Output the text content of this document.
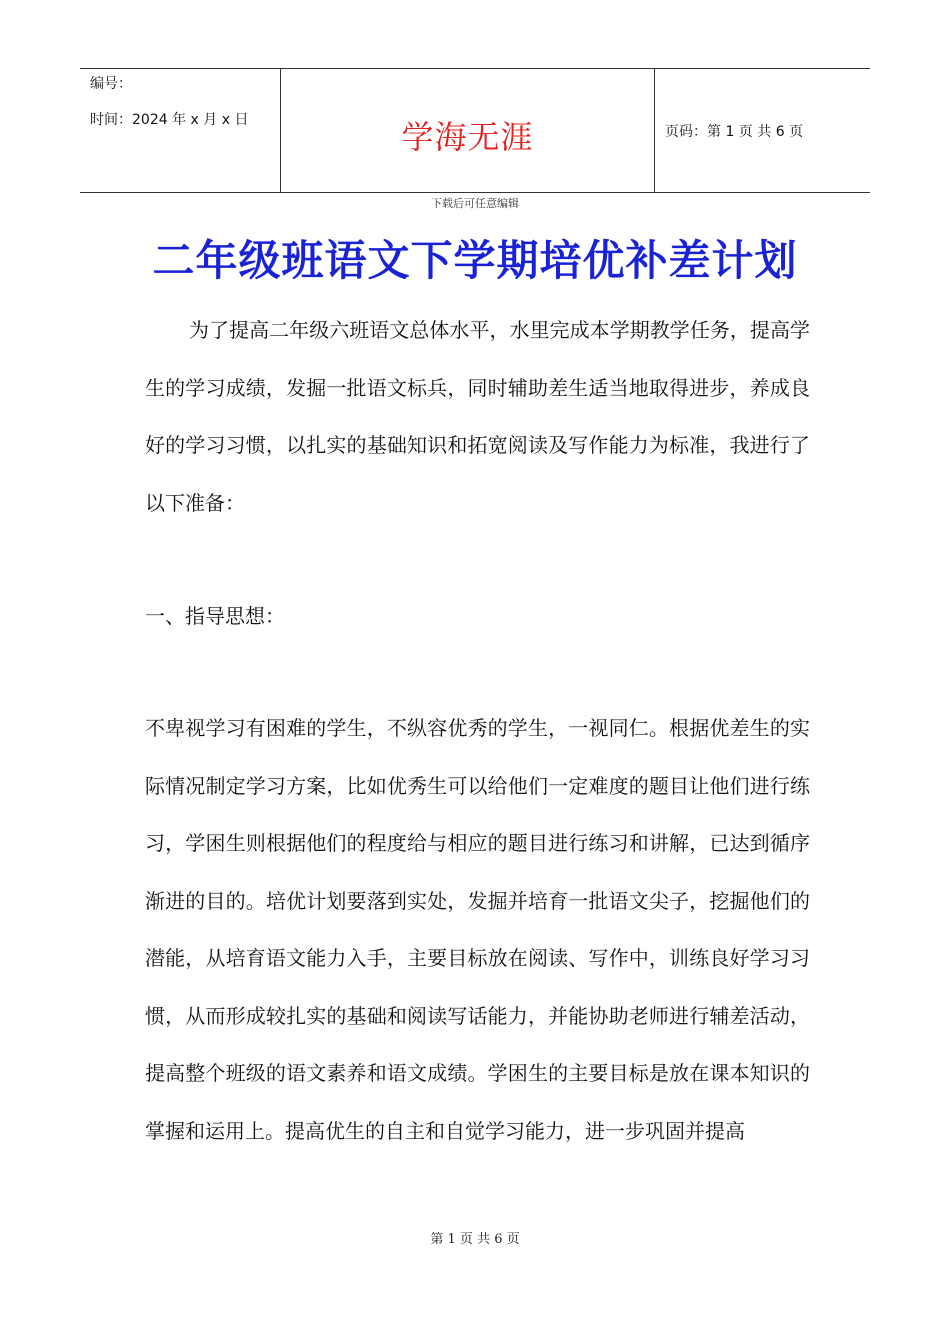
编号：
时间：2024 年 x 月 x 日	学海无涯	页码：第 1 页 共 6 页
下载后可任意编辑
二年级班语文下学期培优补差计划

为了提高二年级六班语文总体水平，水里完成本学期教学任务，提高学生的学习成绩，发掘一批语文标兵，同时辅助差生适当地取得进步，养成良好的学习习惯，以扎实的基础知识和拓宽阅读及写作能力为标准，我进行了以下准备：

一、指导思想：

不卑视学习有困难的学生，不纵容优秀的学生，一视同仁。根据优差生的实际情况制定学习方案，比如优秀生可以给他们一定难度的题目让他们进行练习，学困生则根据他们的程度给与相应的题目进行练习和讲解，已达到循序渐进的目的。培优计划要落到实处，发掘并培育一批语文尖子，挖掘他们的潜能，从培育语文能力入手，主要目标放在阅读、写作中，训练良好学习习惯，从而形成较扎实的基础和阅读写话能力，并能协助老师进行辅差活动，提高整个班级的语文素养和语文成绩。学困生的主要目标是放在课本知识的掌握和运用上。提高优生的自主和自觉学习能力，进一步巩固并提高

第 1 页 共 6 页
